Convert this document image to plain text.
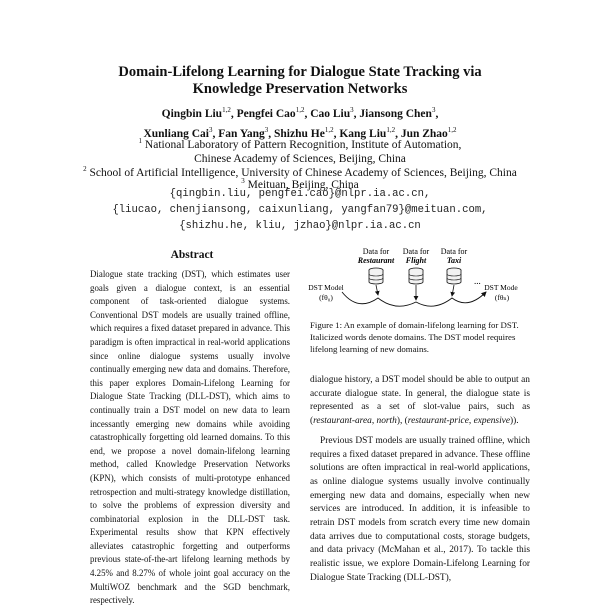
Domain-Lifelong Learning for Dialogue State Tracking via
Knowledge Preservation Networks
Qingbin Liu$^{1,2}$, Pengfei Cao$^{1,2}$, Cao Liu$^3$, Jiansong Chen$^3$,
Xunliang Cai$^3$, Fan Yang$^3$, Shizhu He$^{1,2}$, Kang Liu$^{1,2}$, Jun Zhao$^{1,2}$
$^1$ National Laboratory of Pattern Recognition, Institute of Automation,
Chinese Academy of Sciences, Beijing, China
$^2$ School of Artificial Intelligence, University of Chinese Academy of Sciences, Beijing, China
$^3$ Meituan, Beijing, China
{qingbin.liu, pengfei.cao}@nlpr.ia.ac.cn,
{liucao, chenjiansong, caixunliang, yangfan79}@meituan.com,
{shizhu.he, kliu, jzhao}@nlpr.ia.ac.cn
Abstract
Dialogue state tracking (DST), which estimates user goals given a dialogue context, is an essential component of task-oriented dialogue systems. Conventional DST models are usually trained offline, which requires a fixed dataset prepared in advance. This paradigm is often impractical in real-world applications since online dialogue systems usually involve continually emerging new data and domains. Therefore, this paper explores Domain-Lifelong Learning for Dialogue State Tracking (DLL-DST), which aims to continually train a DST model on new data to learn incessantly emerging new domains while avoiding catastrophically forgetting old learned domains. To this end, we propose a novel domain-lifelong learning method, called Knowledge Preservation Networks (KPN), which consists of multi-prototype enhanced retrospection and multi-strategy knowledge distillation, to solve the problems of expression diversity and combinatorial explosion in the DLL-DST task. Experimental results show that KPN effectively alleviates catastrophic forgetting and outperforms previous state-of-the-art lifelong learning methods by 4.25% and 8.27% of whole joint goal accuracy on the MultiWOZ benchmark and the SGD benchmark, respectively.
Data for
Restaurant
Data for
Flight
Data for
Taxi
...
DST Model
(fθ₀)
DST Model
(fθₙ)
Figure 1: An example of domain-lifelong learning for DST. Italicized words denote domains. The DST model requires lifelong learning of new domains.

dialogue history, a DST model should be able to output an accurate dialogue state. In general, the dialogue state is represented as a set of slot-value pairs, such as (restaurant-area, north), (restaurant-price, expensive)).

Previous DST models are usually trained offline, which requires a fixed dataset prepared in advance. These offline solutions are often impractical in real-world applications, as online dialogue systems usually involve continually emerging new data and domains, especially when new services are introduced. In addition, it is infeasible to retrain DST models from scratch every time new domain data arrives due to computational costs, storage budgets, and data privacy (McMahan et al., 2017). To tackle this realistic issue, we explore Domain-Lifelong Learning for Dialogue State Tracking (DLL-DST),
